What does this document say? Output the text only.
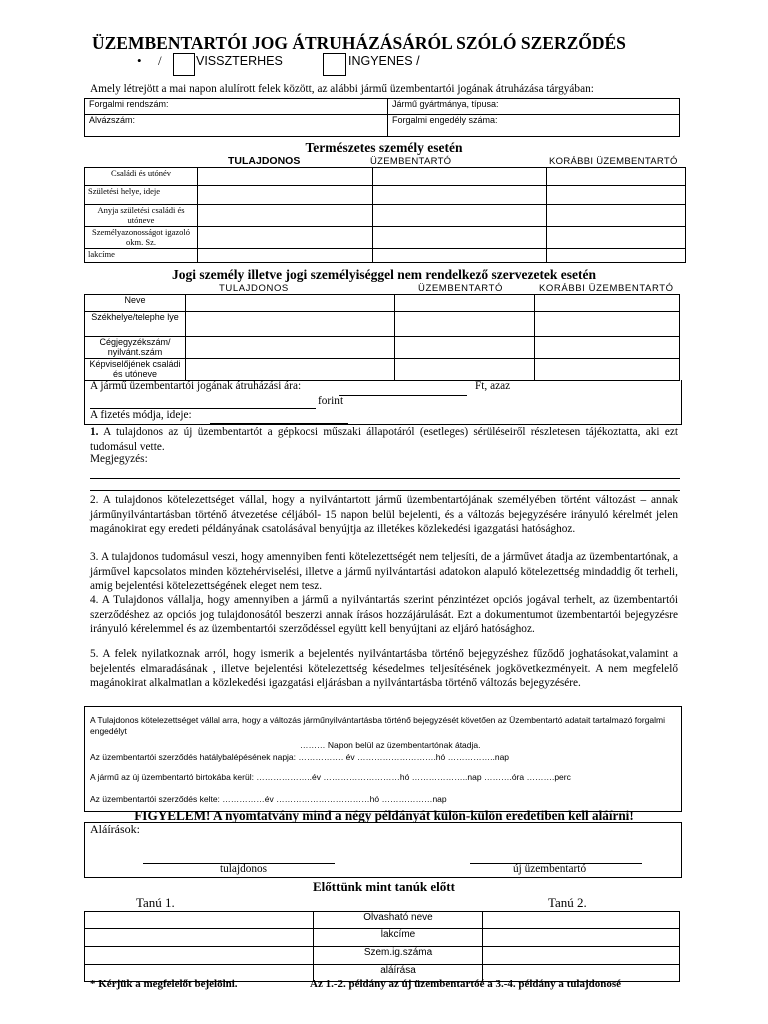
ÜZEMBENTARTÓI JOG ÁTRUHÁZÁSÁRÓL SZÓLÓ SZERZŐDÉS
• /	VISSZTERHES	INGYENES /
Amely létrejött a mai napon alulírott felek között, az alábbi jármű üzembentartói jogának átruházása tárgyában:
Forgalmi rendszám:	Jármű gyártmánya, típusa:
Alvázszám:	Forgalmi engedély száma:
Természetes személy esetén
TULAJDONOS	ÜZEMBENTARTÓ	KORÁBBI ÜZEMBENTARTÓ
Családi és utónév			
Születési helye, ideje			
Anyja születési családi és utóneve			
Személyazonosságot igazoló okm. Sz.			
lakcíme			
Jogi személy illetve jogi személyiséggel nem rendelkező szervezetek esetén
TULAJDONOS	ÜZEMBENTARTÓ	KORÁBBI ÜZEMBENTARTÓ
Neve			
Székhelye/telephe lye			
Cégjegyzékszám/ nyilvánt.szám			
Képviselőjének családi és utóneve			
A jármű üzembentartói jogának átruházási ára:	Ft, azaz
forint
A fizetés módja, ideje:
1. A tulajdonos az új üzembentartót a gépkocsi műszaki állapotáról (esetleges) sérüléseiről részletesen tájékoztatta, aki ezt tudomásul vette.
Megjegyzés:
2. A tulajdonos kötelezettséget vállal, hogy a nyilvántartott jármű üzembentartójának személyében történt változást – annak járműnyilvántartásban történő átvezetése céljából- 15 napon belül bejelenti, és a változás bejegyzésére irányuló kérelmét jelen magánokirat egy eredeti példányának csatolásával benyújtja az illetékes közlekedési igazgatási hatósághoz.
3. A tulajdonos tudomásul veszi, hogy amennyiben fenti kötelezettségét nem teljesíti, de a járművet átadja az üzembentartónak, a járművel kapcsolatos minden köztehérviselési, illetve a jármű nyilvántartási adatokon alapuló kötelezettség mindaddig őt terheli, amig bejelentési kötelezettségének eleget nem tesz.
4. A Tulajdonos vállalja, hogy amennyiben a jármű a nyilvántartás szerint pénzintézet opciós jogával terhelt, az üzembentartói szerződéshez az opciós jog tulajdonosától beszerzi annak írásos hozzájárulását. Ezt a dokumentumot üzembentartói bejegyzésre irányuló kérelemmel és az üzembentartói szerződéssel együtt kell benyújtani az eljáró hatósághoz.
5. A felek nyilatkoznak arról, hogy ismerik a bejelentés nyilvántartásba történő bejegyzéshez fűződő joghatásokat,valamint a bejelentés elmaradásának , illetve bejelentési kötelezettség késedelmes teljesítésének jogkövetkezményeit. A nem megfelelő magánokirat alkalmatlan a közlekedési igazgatási eljárásban a nyilvántartásba történő változás bejegyzésére.
A Tulajdonos kötelezettséget vállal arra, hogy a változás járműnyilvántartásba történő bejegyzését követően az Üzembentartó adatait tartalmazó forgalmi engedélyt
……… Napon belül az üzembentartónak átadja.
Az üzembentartói szerződés hatálybalépésének napja: ……………. év ……………………….hó ……………..nap
A jármű az új üzembentartó birtokába kerül: ………………..év ………………………hó ………………..nap ……….óra ……….perc
Az üzembentartói szerződés kelte: ……………év ……………………………hó ………………nap
FIGYELEM! A nyomtatvány mind a négy példányát külön-külön eredetiben kell aláírni!
Aláírások:
tulajdonos	új üzembentartó
Előttünk mint tanúk előtt
Tanú 1.	Tanú 2.
	Olvasható neve	
	lakcíme	
	Szem.ig.száma	
	aláírása	
* Kérjük a megfelelőt bejelölni.	Az 1.-2. példány az új üzembentartóé a 3.-4. példány a tulajdonosé
